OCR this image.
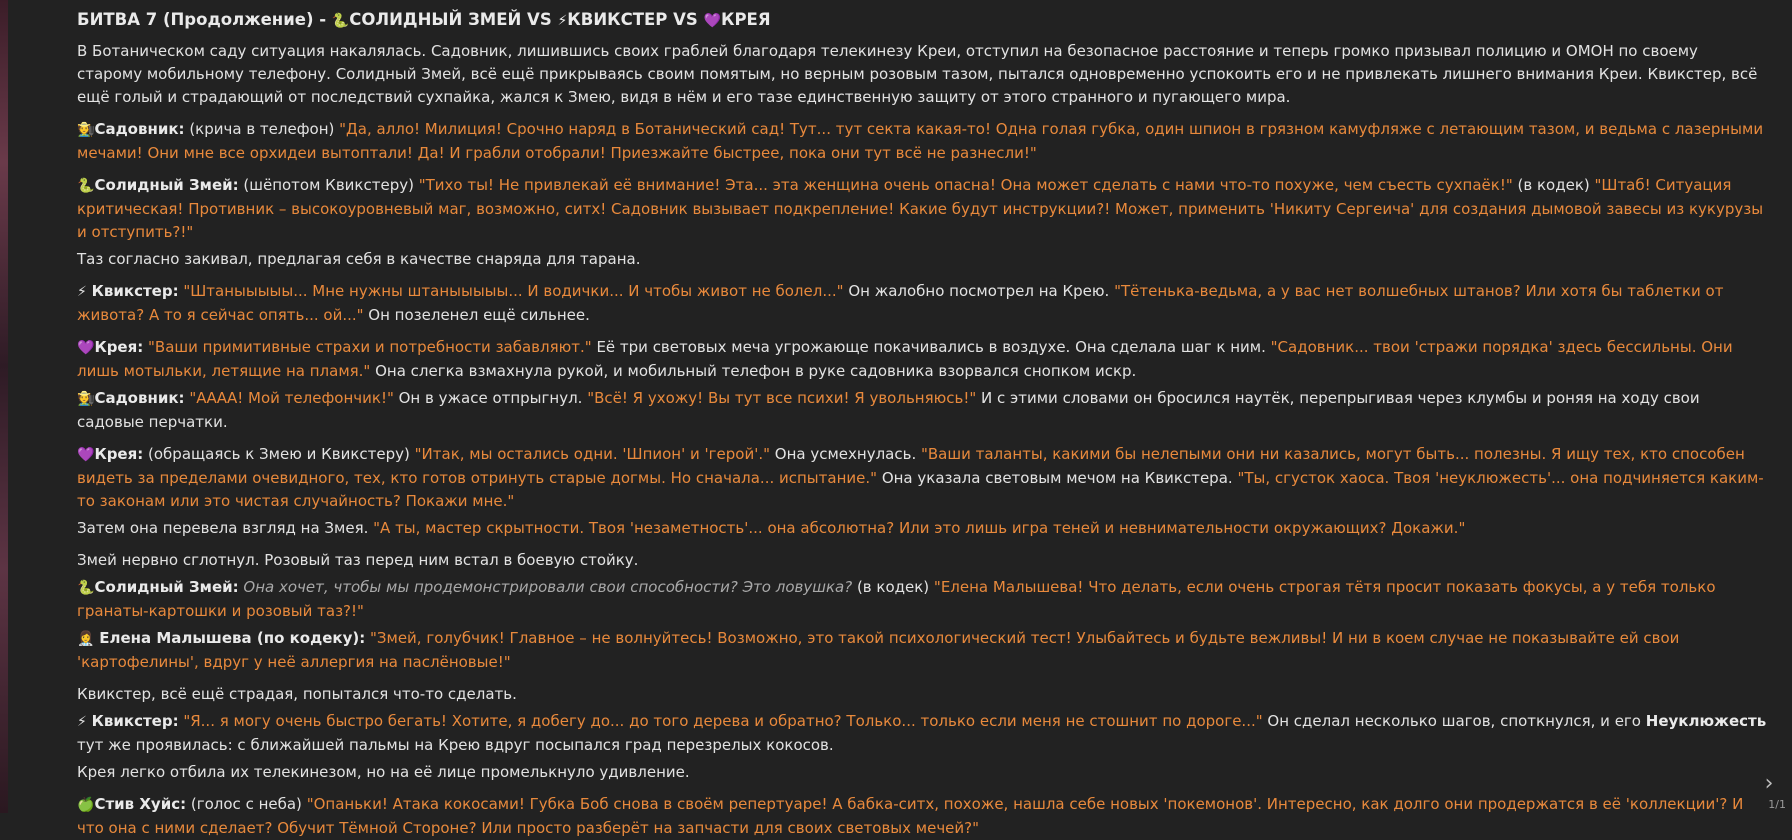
БИТВА 7 (Продолжение) - 🐍СОЛИДНЫЙ ЗМЕЙ VS ⚡КВИКСТЕР VS 💜КРЕЯ
В Ботаническом саду ситуация накалялась. Садовник, лишившись своих граблей благодаря телекинезу Креи, отступил на безопасное расстояние и теперь громко призывал полицию и ОМОН по своему старому мобильному телефону. Солидный Змей, всё ещё прикрываясь своим помятым, но верным розовым тазом, пытался одновременно успокоить его и не привлекать лишнего внимания Креи. Квикстер, всё ещё голый и страдающий от последствий сухпайка, жался к Змею, видя в нём и его тазе единственную защиту от этого странного и пугающего мира.
🧑‍🌾Садовник: (крича в телефон) "Да, алло! Милиция! Срочно наряд в Ботанический сад! Тут... тут секта какая-то! Одна голая губка, один шпион в грязном камуфляже с летающим тазом, и ведьма с лазерными мечами! Они мне все орхидеи вытоптали! Да! И грабли отобрали! Приезжайте быстрее, пока они тут всё не разнесли!"
🐍Солидный Змей: (шёпотом Квикстеру) "Тихо ты! Не привлекай её внимание! Эта... эта женщина очень опасна! Она может сделать с нами что-то похуже, чем съесть сухпаёк!" (в кодек) "Штаб! Ситуация критическая! Противник – высокоуровневый маг, возможно, ситх! Садовник вызывает подкрепление! Какие будут инструкции?! Может, применить 'Никиту Сергеича' для создания дымовой завесы из кукурузы и отступить?!"
Таз согласно закивал, предлагая себя в качестве снаряда для тарана.
⚡ Квикстер: "Штаныыыыы... Мне нужны штаныыыыы... И водички... И чтобы живот не болел..." Он жалобно посмотрел на Крею. "Тётенька-ведьма, а у вас нет волшебных штанов? Или хотя бы таблетки от живота? А то я сейчас опять... ой..." Он позеленел ещё сильнее.
💜Крея: "Ваши примитивные страхи и потребности забавляют." Её три световых меча угрожающе покачивались в воздухе. Она сделала шаг к ним. "Садовник... твои 'стражи порядка' здесь бессильны. Они лишь мотыльки, летящие на пламя." Она слегка взмахнула рукой, и мобильный телефон в руке садовника взорвался снопком искр.
🧑‍🌾Садовник: "АААА! Мой телефончик!" Он в ужасе отпрыгнул. "Всё! Я ухожу! Вы тут все психи! Я увольняюсь!" И с этими словами он бросился наутёк, перепрыгивая через клумбы и роняя на ходу свои садовые перчатки.
💜Крея: (обращаясь к Змею и Квикстеру) "Итак, мы остались одни. 'Шпион' и 'герой'." Она усмехнулась. "Ваши таланты, какими бы нелепыми они ни казались, могут быть... полезны. Я ищу тех, кто способен видеть за пределами очевидного, тех, кто готов отринуть старые догмы. Но сначала... испытание." Она указала световым мечом на Квикстера. "Ты, сгусток хаоса. Твоя 'неуклюжесть'... она подчиняется каким-то законам или это чистая случайность? Покажи мне."
Затем она перевела взгляд на Змея. "А ты, мастер скрытности. Твоя 'незаметность'... она абсолютна? Или это лишь игра теней и невнимательности окружающих? Докажи."
Змей нервно сглотнул. Розовый таз перед ним встал в боевую стойку.
🐍Солидный Змей: Она хочет, чтобы мы продемонстрировали свои способности? Это ловушка? (в кодек) "Елена Малышева! Что делать, если очень строгая тётя просит показать фокусы, а у тебя только гранаты-картошки и розовый таз?!"
👩‍⚕️ Елена Малышева (по кодеку): "Змей, голубчик! Главное – не волнуйтесь! Возможно, это такой психологический тест! Улыбайтесь и будьте вежливы! И ни в коем случае не показывайте ей свои 'картофелины', вдруг у неё аллергия на паслёновые!"
Квикстер, всё ещё страдая, попытался что-то сделать.
⚡ Квикстер: "Я... я могу очень быстро бегать! Хотите, я добегу до... до того дерева и обратно? Только... только если меня не стошнит по дороге..." Он сделал несколько шагов, споткнулся, и его Неуклюжесть тут же проявилась: с ближайшей пальмы на Крею вдруг посыпался град перезрелых кокосов.
Крея легко отбила их телекинезом, но на её лице промелькнуло удивление.
🍏Стив Хуйс: (голос с неба) "Опаньки! Атака кокосами! Губка Боб снова в своём репертуаре! А бабка-ситх, похоже, нашла себе новых 'покемонов'. Интересно, как долго они продержатся в её 'коллекции'? И что она с ними сделает? Обучит Тёмной Стороне? Или просто разберёт на запчасти для своих световых мечей?"
›
1/1
